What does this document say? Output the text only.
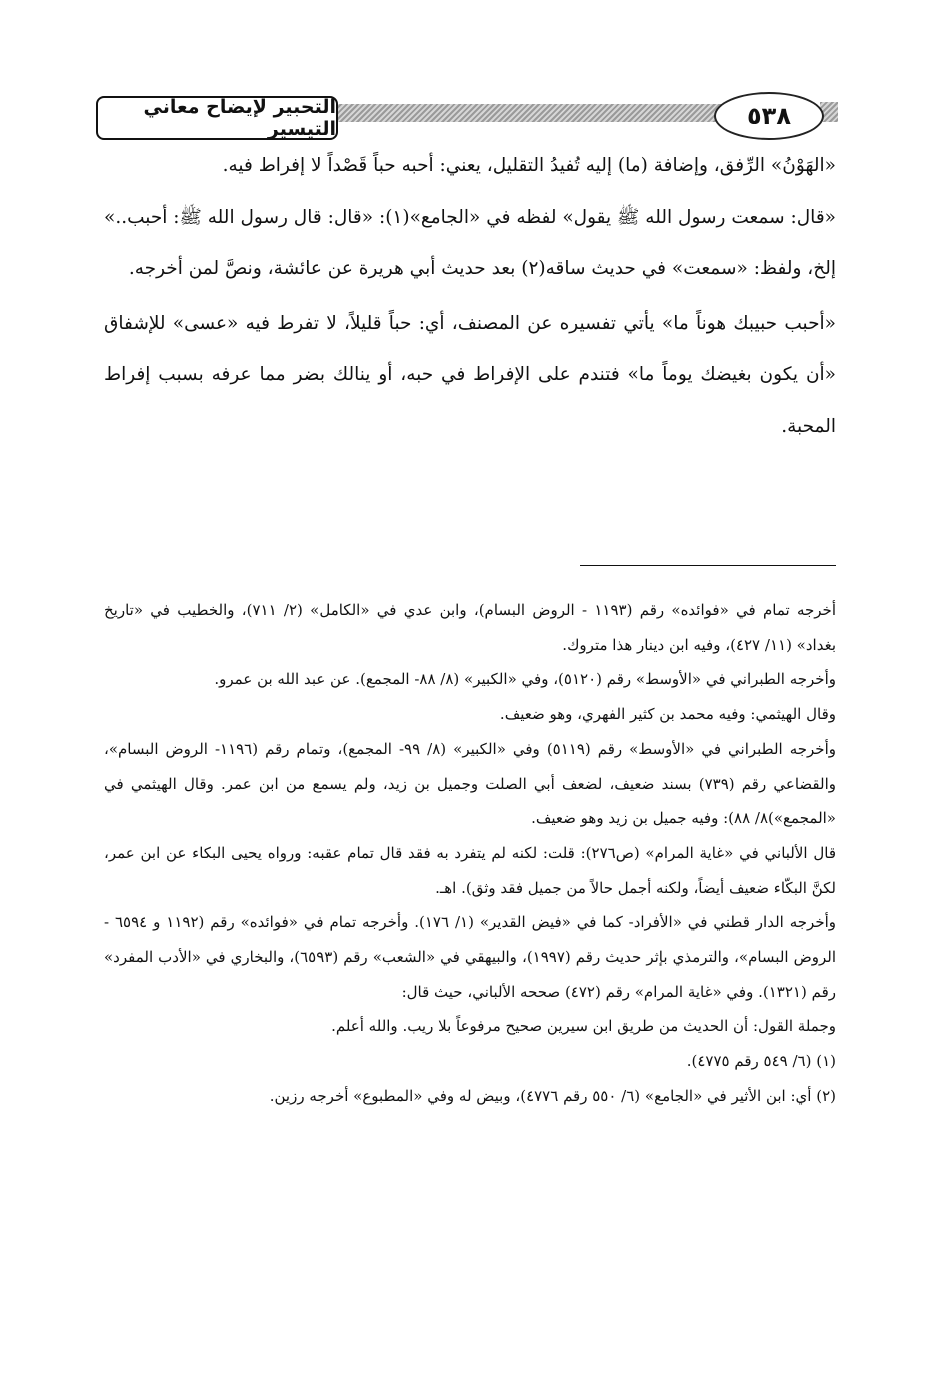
٥٣٨
التحبير لإيضاح معاني التيسير

«الهَوْنُ» الرِّفق، وإضافة (ما) إليه تُفيدُ التقليل، يعني: أحبه حباً قَصْداً لا إفراط فيه.

«قال: سمعت رسول الله ﷺ يقول» لفظه في «الجامع»(١): «قال: قال رسول الله ﷺ: أحبب..» إلخ، ولفظ: «سمعت» في حديث ساقه(٢) بعد حديث أبي هريرة عن عائشة، ونصَّ لمن أخرجه.

«أحبب حبيبك هوناً ما» يأتي تفسيره عن المصنف، أي: حباً قليلاً، لا تفرط فيه «عسى» للإشفاق «أن يكون بغيضك يوماً ما» فتندم على الإفراط في حبه، أو ينالك بضر مما عرفه بسبب إفراط المحبة.

أخرجه تمام في «فوائده» رقم (١١٩٣ - الروض البسام)، وابن عدي في «الكامل» (٢/ ٧١١)، والخطيب في «تاريخ بغداد» (١١/ ٤٢٧)، وفيه ابن دينار هذا متروك.

وأخرجه الطبراني في «الأوسط» رقم (٥١٢٠)، وفي «الكبير» (٨/ ٨٨- المجمع). عن عبد الله بن عمرو.

وقال الهيثمي: وفيه محمد بن كثير الفهري، وهو ضعيف.

وأخرجه الطبراني في «الأوسط» رقم (٥١١٩) وفي «الكبير» (٨/ ٩٩- المجمع)، وتمام رقم (١١٩٦- الروض البسام»، والقضاعي رقم (٧٣٩) بسند ضعيف، لضعف أبي الصلت وجميل بن زيد، ولم يسمع من ابن عمر. وقال الهيثمي في «المجمع»)٨/ ٨٨): وفيه جميل بن زيد وهو ضعيف.

قال الألباني في «غاية المرام» (ص٢٧٦): قلت: لكنه لم يتفرد به فقد قال تمام عقبه: ورواه يحيى البكاء عن ابن عمر، لكنَّ البكّاء ضعيف أيضاً، ولكنه أجمل حالاً من جميل فقد وثق). اهـ.

وأخرجه الدار قطني في «الأفراد- كما في «فيض القدير» (١/ ١٧٦). وأخرجه تمام في «فوائده» رقم (١١٩٢ و ٦٥٩٤ - الروض البسام»، والترمذي بإثر حديث رقم (١٩٩٧)، والبيهقي في «الشعب» رقم (٦٥٩٣)، والبخاري في «الأدب المفرد» رقم (١٣٢١). وفي «غاية المرام» رقم (٤٧٢) صححه الألباني، حيث قال:

وجملة القول: أن الحديث من طريق ابن سيرين صحيح مرفوعاً بلا ريب. والله أعلم.

(١) (٦/ ٥٤٩ رقم ٤٧٧٥).

(٢) أي: ابن الأثير في «الجامع» (٦/ ٥٥٠ رقم ٤٧٧٦)، وبيض له وفي «المطبوع» أخرجه رزين.
